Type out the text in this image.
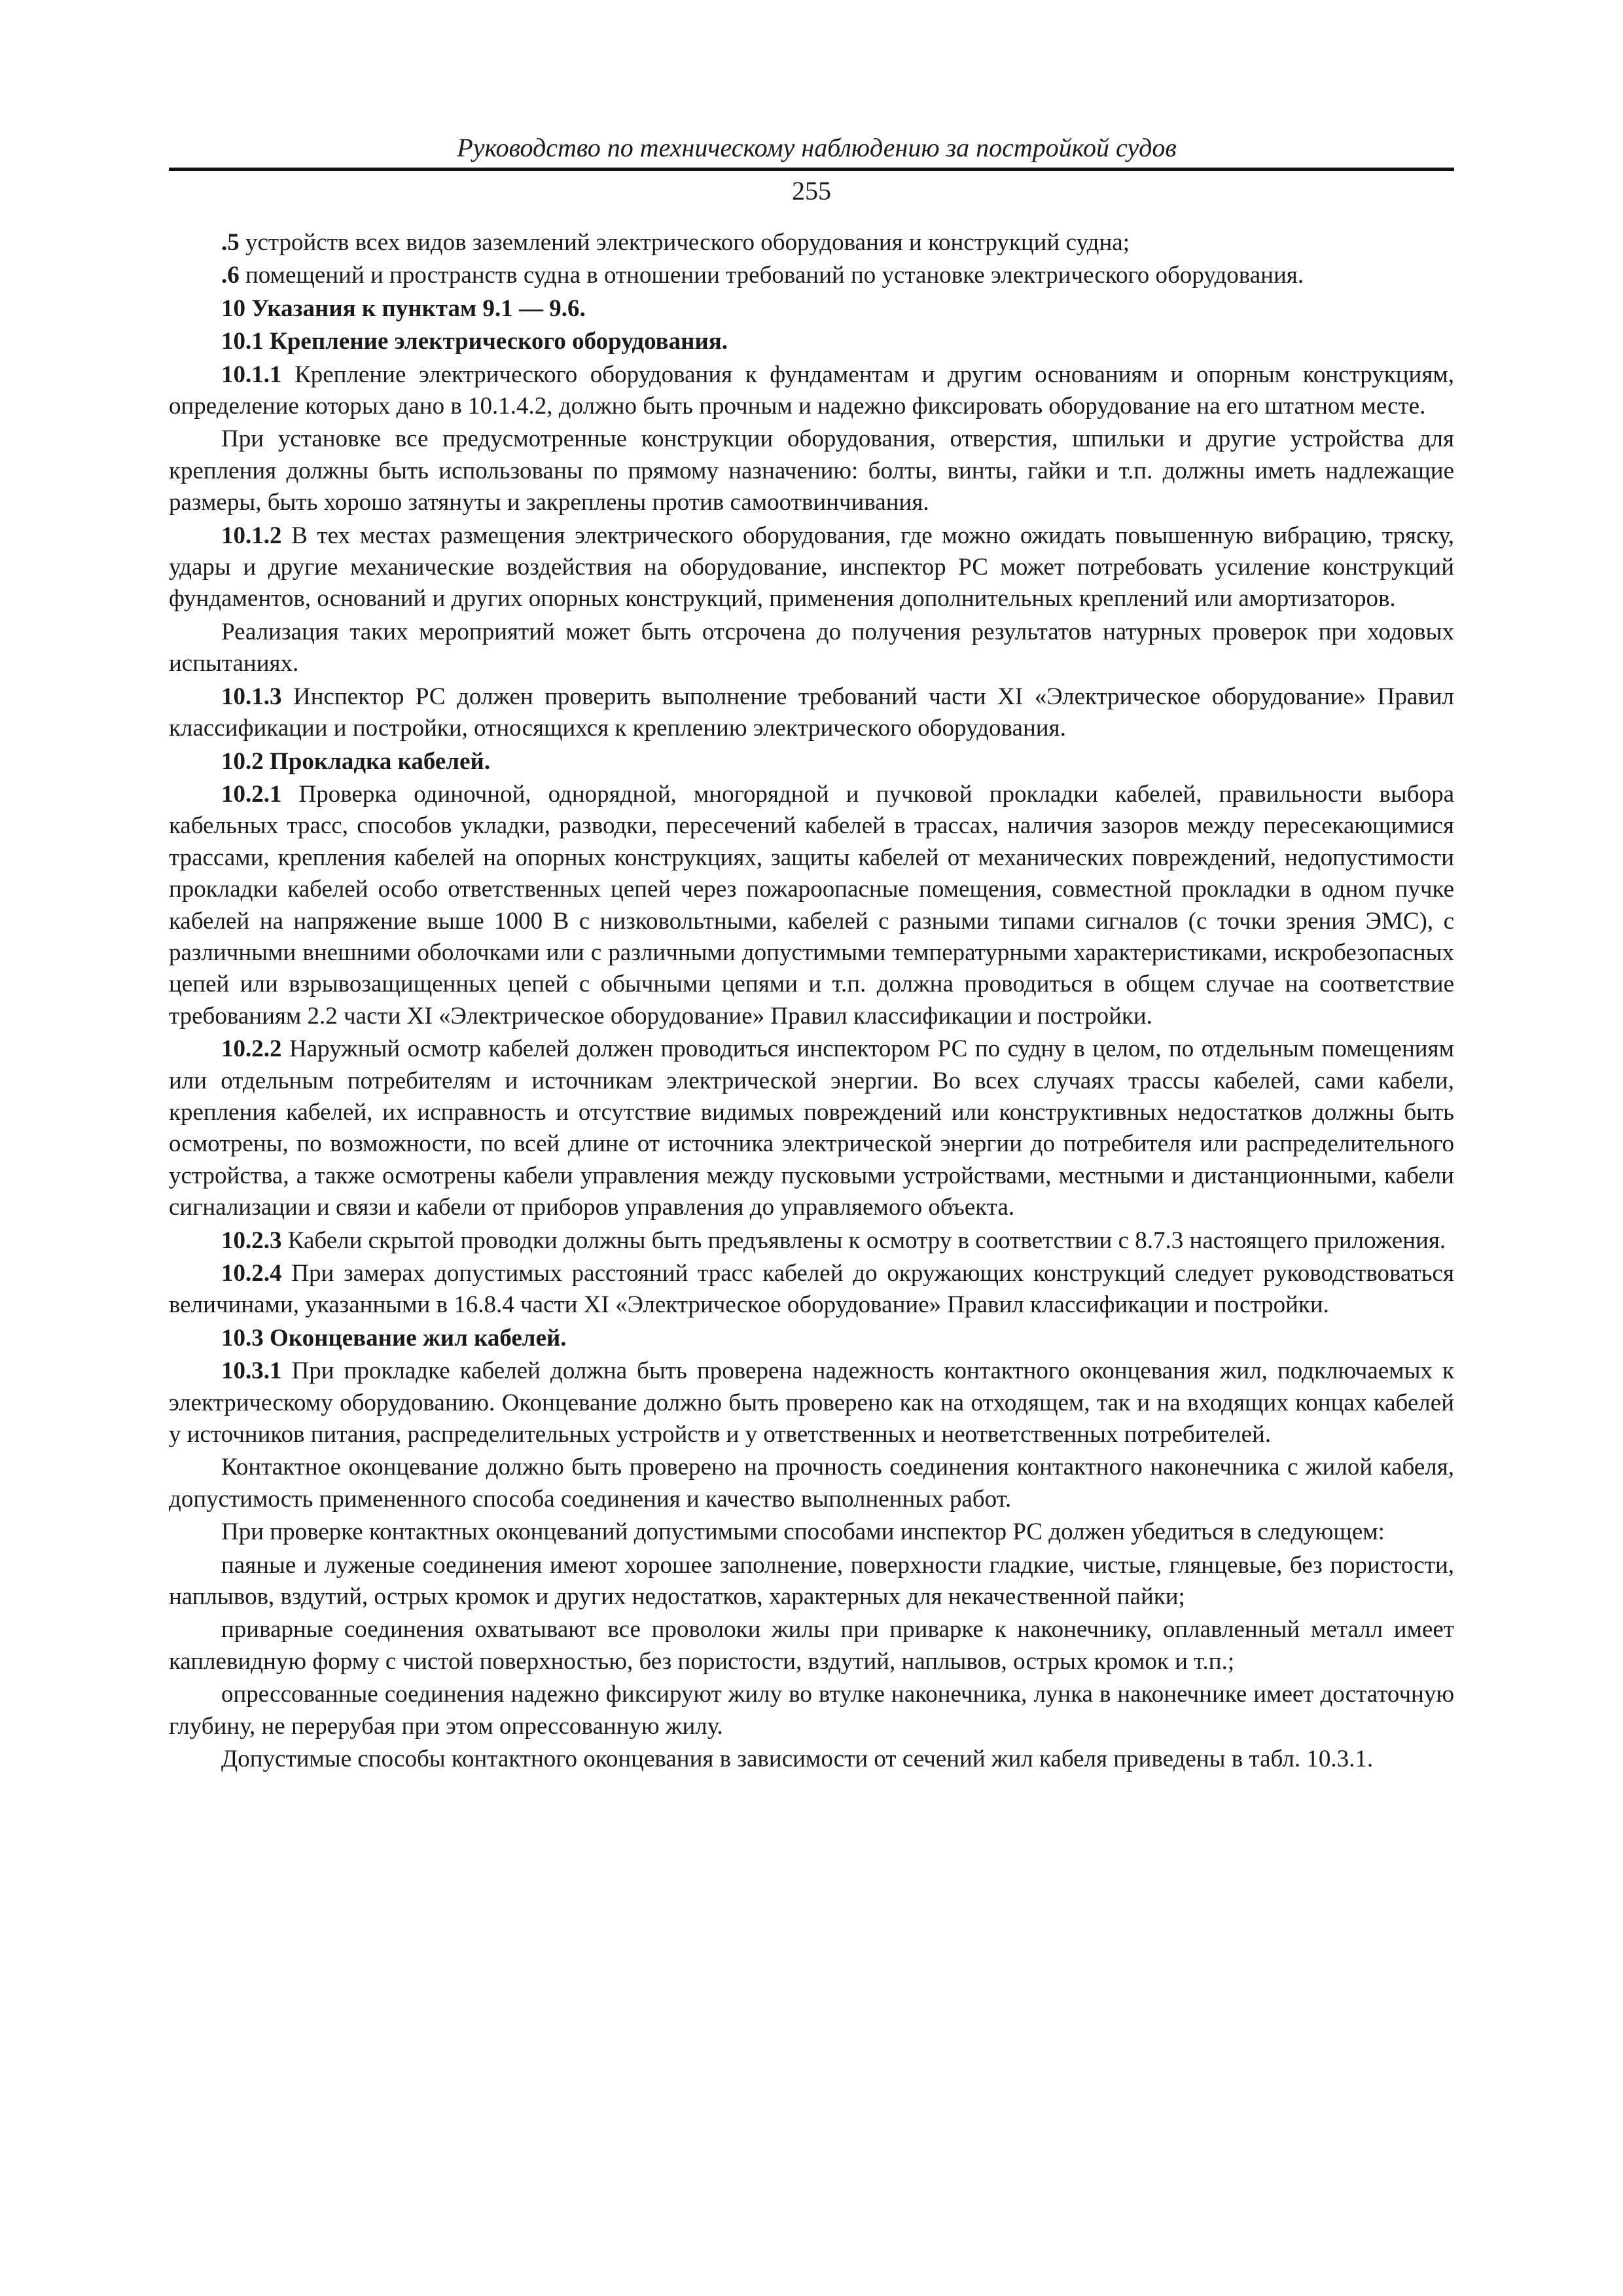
Руководство по техническому наблюдению за постройкой судов
255

.5 устройств всех видов заземлений электрического оборудования и конструкций судна;

.6 помещений и пространств судна в отношении требований по установке электрического оборудования.

10 Указания к пунктам 9.1 — 9.6.

10.1 Крепление электрического оборудования.

10.1.1 Крепление электрического оборудования к фундаментам и другим основаниям и опорным конструкциям, определение которых дано в 10.1.4.2, должно быть прочным и надежно фиксировать оборудование на его штатном месте.

При установке все предусмотренные конструкции оборудования, отверстия, шпильки и другие устройства для крепления должны быть использованы по прямому назначению: болты, винты, гайки и т.п. должны иметь надлежащие размеры, быть хорошо затянуты и закреплены против самоотвинчивания.

10.1.2 В тех местах размещения электрического оборудования, где можно ожидать повышенную вибрацию, тряску, удары и другие механические воздействия на оборудование, инспектор РС может потребовать усиление конструкций фундаментов, оснований и других опорных конструкций, применения дополнительных креплений или амортизаторов.

Реализация таких мероприятий может быть отсрочена до получения результатов натурных проверок при ходовых испытаниях.

10.1.3 Инспектор РС должен проверить выполнение требований части XI «Электрическое оборудование» Правил классификации и постройки, относящихся к креплению электрического оборудования.

10.2 Прокладка кабелей.

10.2.1 Проверка одиночной, однорядной, многорядной и пучковой прокладки кабелей, правильности выбора кабельных трасс, способов укладки, разводки, пересечений кабелей в трассах, наличия зазоров между пересекающимися трассами, крепления кабелей на опорных конструкциях, защиты кабелей от механических повреждений, недопустимости прокладки кабелей особо ответственных цепей через пожароопасные помещения, совместной прокладки в одном пучке кабелей на напряжение выше 1000 В с низковольтными, кабелей с разными типами сигналов (с точки зрения ЭМС), с различными внешними оболочками или с различными допустимыми температурными характеристиками, искробезопасных цепей или взрывозащищенных цепей с обычными цепями и т.п. должна проводиться в общем случае на соответствие требованиям 2.2 части XI «Электрическое оборудование» Правил классификации и постройки.

10.2.2 Наружный осмотр кабелей должен проводиться инспектором РС по судну в целом, по отдельным помещениям или отдельным потребителям и источникам электрической энергии. Во всех случаях трассы кабелей, сами кабели, крепления кабелей, их исправность и отсутствие видимых повреждений или конструктивных недостатков должны быть осмотрены, по возможности, по всей длине от источника электрической энергии до потребителя или распределительного устройства, а также осмотрены кабели управления между пусковыми устройствами, местными и дистанционными, кабели сигнализации и связи и кабели от приборов управления до управляемого объекта.

10.2.3 Кабели скрытой проводки должны быть предъявлены к осмотру в соответствии с 8.7.3 настоящего приложения.

10.2.4 При замерах допустимых расстояний трасс кабелей до окружающих конструкций следует руководствоваться величинами, указанными в 16.8.4 части XI «Электрическое оборудование» Правил классификации и постройки.

10.3 Оконцевание жил кабелей.

10.3.1 При прокладке кабелей должна быть проверена надежность контактного оконцевания жил, подключаемых к электрическому оборудованию. Оконцевание должно быть проверено как на отходящем, так и на входящих концах кабелей у источников питания, распределительных устройств и у ответственных и неответственных потребителей.

Контактное оконцевание должно быть проверено на прочность соединения контактного наконечника с жилой кабеля, допустимость примененного способа соединения и качество выполненных работ.

При проверке контактных оконцеваний допустимыми способами инспектор РС должен убедиться в следующем:

паяные и луженые соединения имеют хорошее заполнение, поверхности гладкие, чистые, глянцевые, без пористости, наплывов, вздутий, острых кромок и других недостатков, характерных для некачественной пайки;

приварные соединения охватывают все проволоки жилы при приварке к наконечнику, оплавленный металл имеет каплевидную форму с чистой поверхностью, без пористости, вздутий, наплывов, острых кромок и т.п.;

опрессованные соединения надежно фиксируют жилу во втулке наконечника, лунка в наконечнике имеет достаточную глубину, не перерубая при этом опрессованную жилу.

Допустимые способы контактного оконцевания в зависимости от сечений жил кабеля приведены в табл. 10.3.1.
